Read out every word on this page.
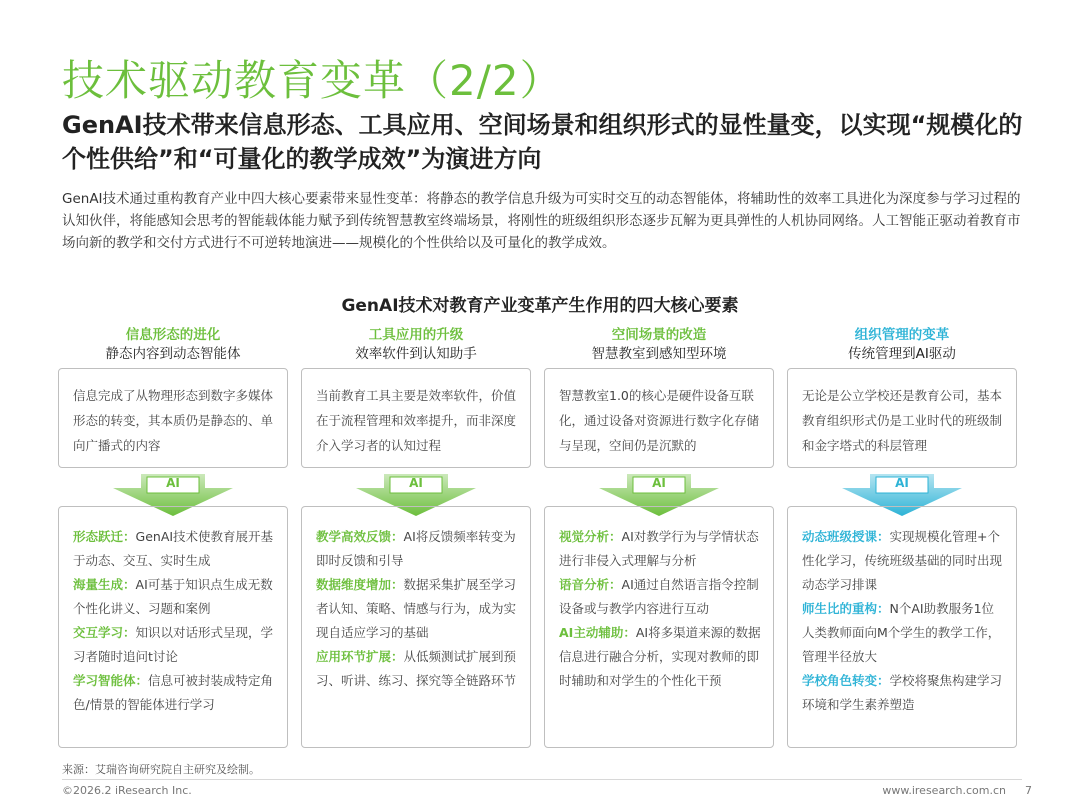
技术驱动教育变革（2/2）
GenAI技术带来信息形态、工具应用、空间场景和组织形式的显性量变，以实现“规模化的个性供给”和“可量化的教学成效”为演进方向
GenAI技术通过重构教育产业中四大核心要素带来显性变革：将静态的教学信息升级为可实时交互的动态智能体，将辅助性的效率工具进化为深度参与学习过程的认知伙伴，将能感知会思考的智能载体能力赋予到传统智慧教室终端场景，将刚性的班级组织形态逐步瓦解为更具弹性的人机协同网络。人工智能正驱动着教育市场向新的教学和交付方式进行不可逆转地演进——规模化的个性供给以及可量化的教学成效。
GenAI技术对教育产业变革产生作用的四大核心要素
信息形态的进化
静态内容到动态智能体
信息完成了从物理形态到数字多媒体形态的转变，其本质仍是静态的、单向广播式的内容
AI
形态跃迁：GenAI技术使教育展开基于动态、交互、实时生成
海量生成：AI可基于知识点生成无数个性化讲义、习题和案例
交互学习：知识以对话形式呈现，学习者随时追问t讨论
学习智能体：信息可被封装成特定角色/情景的智能体进行学习
工具应用的升级
效率软件到认知助手
当前教育工具主要是效率软件，价值在于流程管理和效率提升，而非深度介入学习者的认知过程
AI
教学高效反馈：AI将反馈频率转变为即时反馈和引导
数据维度增加：数据采集扩展至学习者认知、策略、情感与行为，成为实现自适应学习的基础
应用环节扩展：从低频测试扩展到预习、听讲、练习、探究等全链路环节
空间场景的改造
智慧教室到感知型环境
智慧教室1.0的核心是硬件设备互联化，通过设备对资源进行数字化存储与呈现，空间仍是沉默的
AI
视觉分析：AI对教学行为与学情状态进行非侵入式理解与分析
语音分析：AI通过自然语言指令控制设备或与教学内容进行互动
AI主动辅助：AI将多渠道来源的数据信息进行融合分析，实现对教师的即时辅助和对学生的个性化干预
组织管理的变革
传统管理到AI驱动
无论是公立学校还是教育公司，基本教育组织形式仍是工业时代的班级制和金字塔式的科层管理
AI
动态班级授课：实现规模化管理+个性化学习，传统班级基础的同时出现动态学习排课
师生比的重构：N个AI助教服务1位人类教师面向M个学生的教学工作，管理半径放大
学校角色转变：学校将聚焦构建学习环境和学生素养塑造
来源：艾瑞咨询研究院自主研究及绘制。
©2026.2 iResearch Inc.	www.iresearch.com.cn 7
